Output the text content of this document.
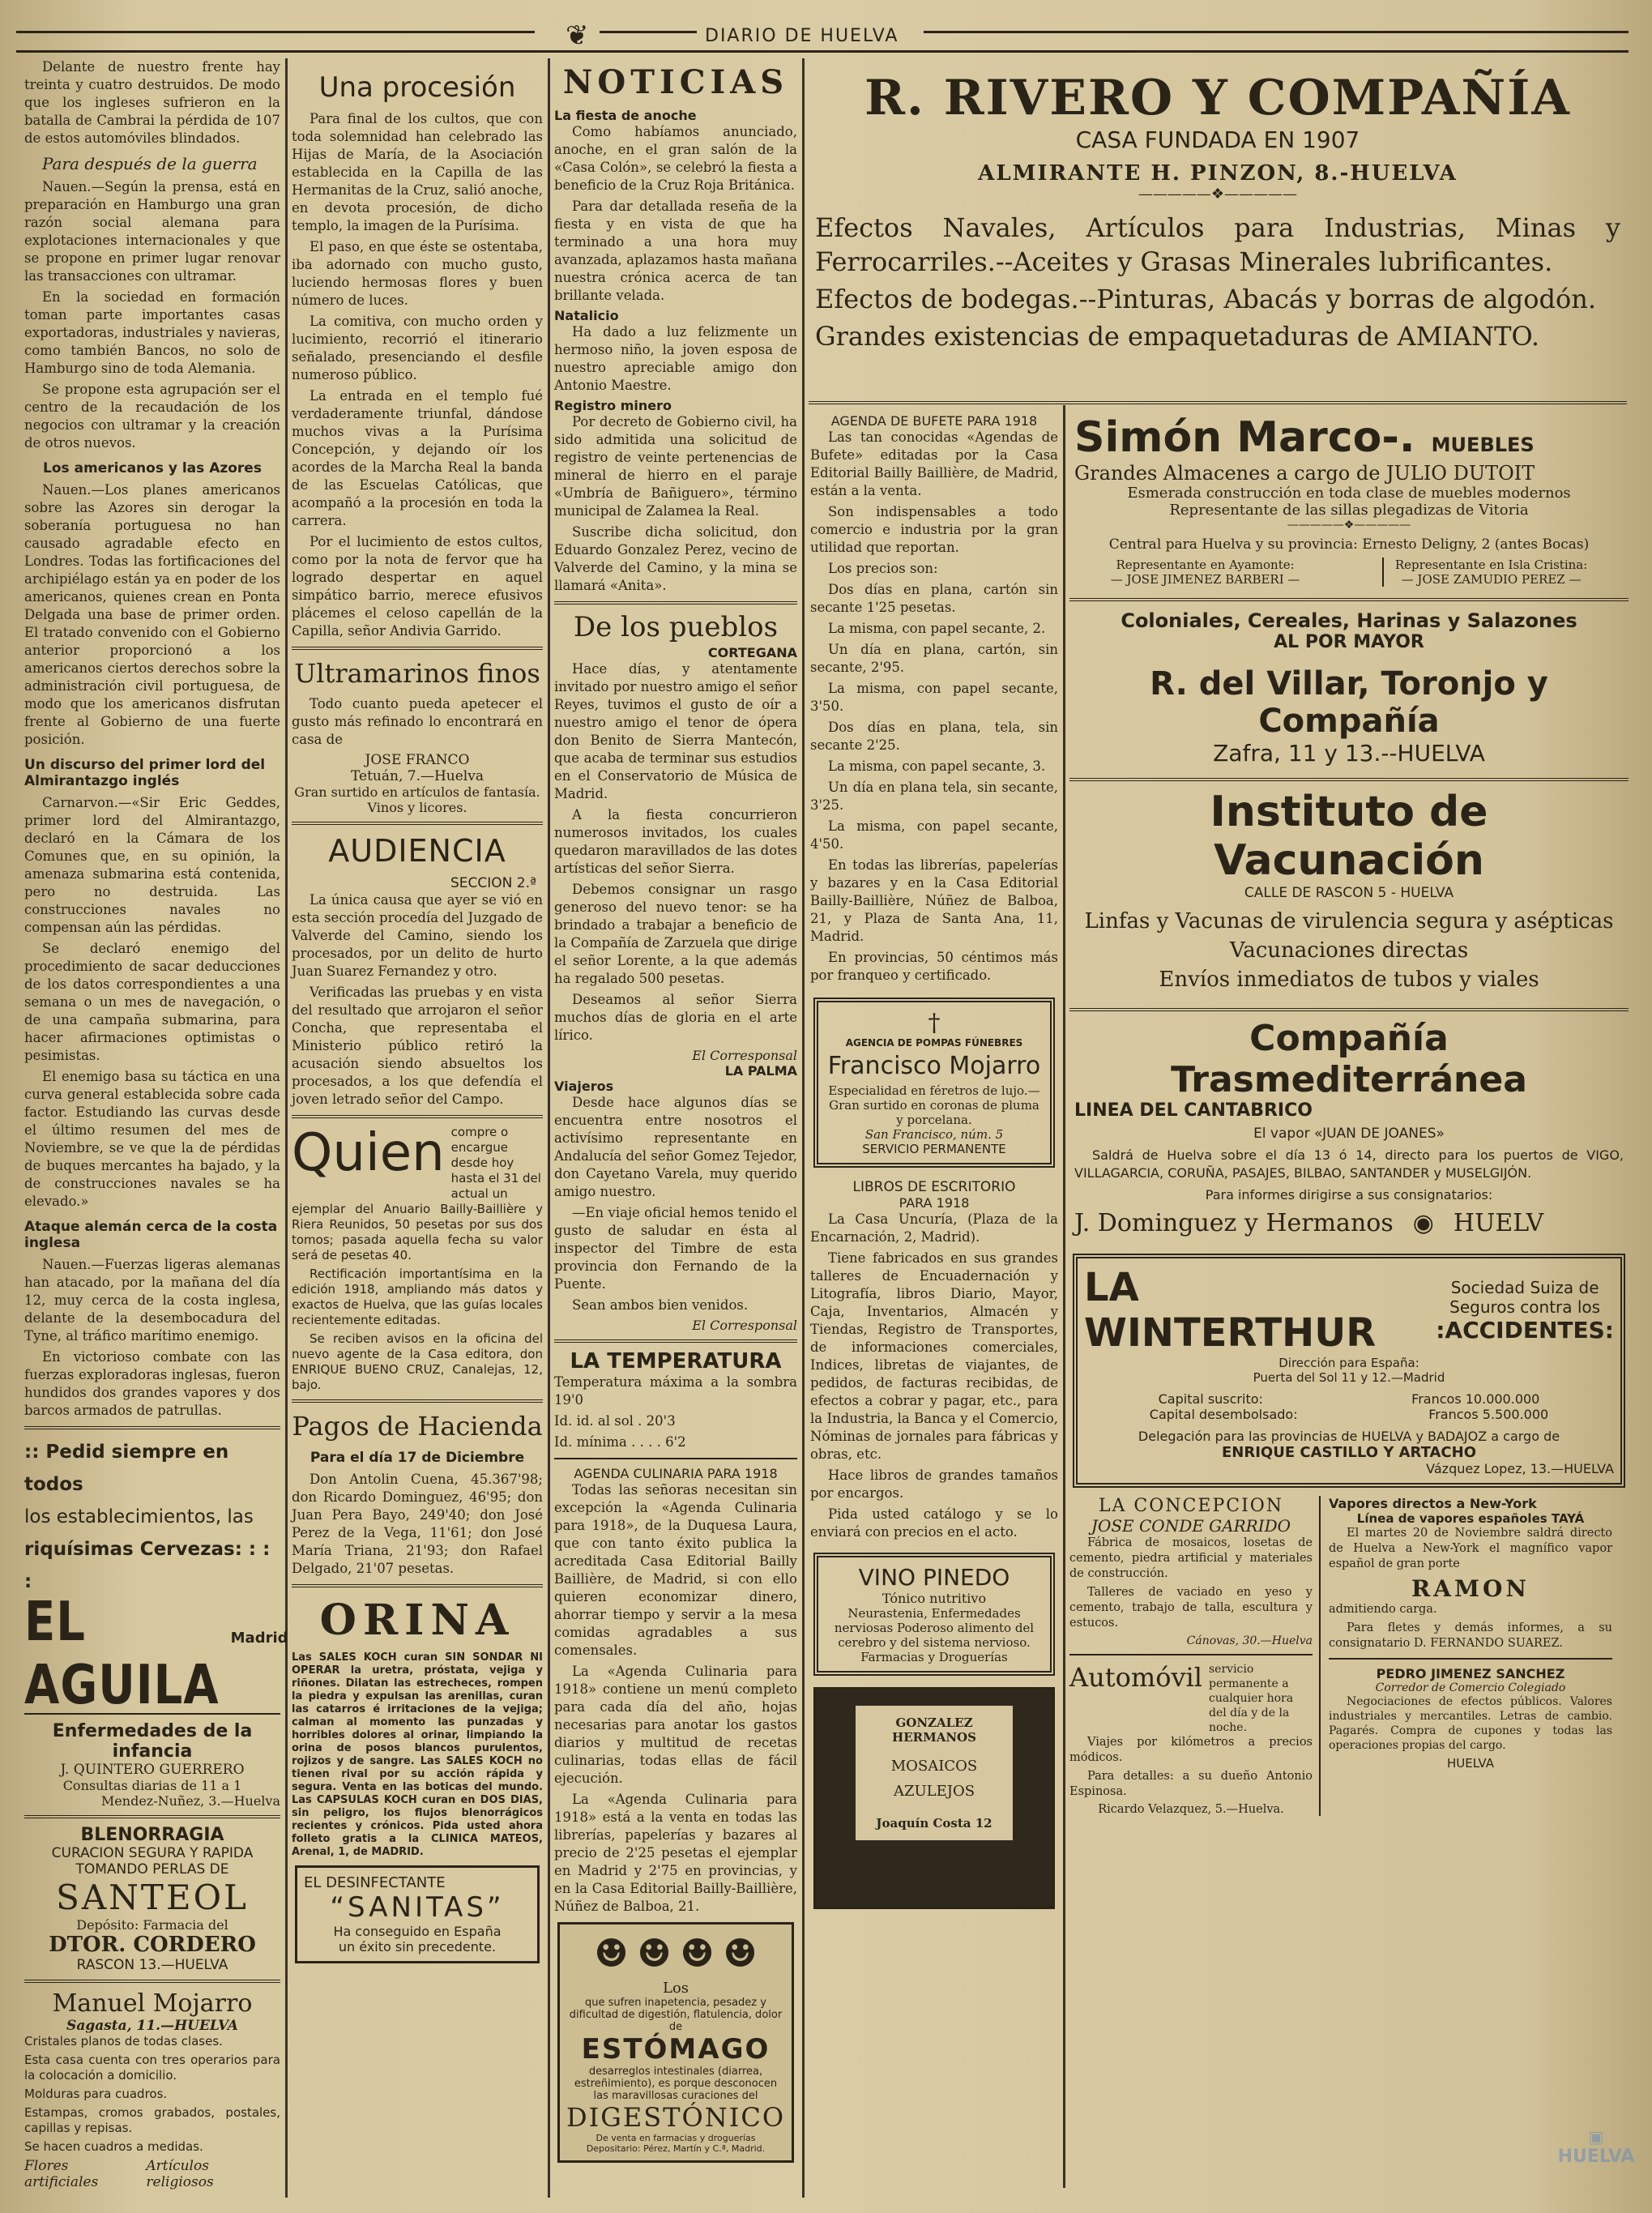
❦	DIARIO DE HUELVA

Delante de nuestro frente hay treinta y cuatro destruidos. De modo que los ingleses sufrieron en la batalla de Cambrai la pérdida de 107 de estos automóviles blindados.

Para después de la guerra

Nauen.—Según la prensa, está en preparación en Hamburgo una gran razón social alemana para explotaciones internacionales y que se propone en primer lugar renovar las transacciones con ultramar.

En la sociedad en formación toman parte importantes casas exportadoras, industriales y navieras, como también Bancos, no solo de Hamburgo sino de toda Alemania.

Se propone esta agrupación ser el centro de la recaudación de los negocios con ultramar y la creación de otros nuevos.

Los americanos y las Azores

Nauen.—Los planes americanos sobre las Azores sin derogar la soberanía portuguesa no han causado agradable efecto en Londres. Todas las fortificaciones del archipiélago están ya en poder de los americanos, quienes crean en Ponta Delgada una base de primer orden. El tratado convenido con el Gobierno anterior proporcionó a los americanos ciertos derechos sobre la administración civil portuguesa, de modo que los americanos disfrutan frente al Gobierno de una fuerte posición.

Un discurso del primer lord del Almirantazgo inglés

Carnarvon.—«Sir Eric Geddes, primer lord del Almirantazgo, declaró en la Cámara de los Comunes que, en su opinión, la amenaza submarina está contenida, pero no destruida. Las construcciones navales no compensan aún las pérdidas.

Se declaró enemigo del procedimiento de sacar deducciones de los datos correspondientes a una semana o un mes de navegación, o de una campaña submarina, para hacer afirmaciones optimistas o pesimistas.

El enemigo basa su táctica en una curva general establecida sobre cada factor. Estudiando las curvas desde el último resumen del mes de Noviembre, se ve que la de pérdidas de buques mercantes ha bajado, y la de construcciones navales se ha elevado.»

Ataque alemán cerca de la costa inglesa

Nauen.—Fuerzas ligeras alemanas han atacado, por la mañana del día 12, muy cerca de la costa inglesa, delante de la desembocadura del Tyne, al tráfico marítimo enemigo.

En victorioso combate con las fuerzas exploradoras inglesas, fueron hundidos dos grandes vapores y dos barcos armados de patrullas.

:: Pedid siempre en todos
los establecimientos, las
riquísimas Cervezas: : : :
EL AGUILA
Madrid
Enfermedades de la infancia
J. QUINTERO GUERRERO
Consultas diarias de 11 a 1
Mendez-Nuñez, 3.—Huelva
BLENORRAGIA
CURACION SEGURA Y RAPIDA
TOMANDO PERLAS DE
SANTEOL
Depósito: Farmacia del
DTOR. CORDERO
RASCON 13.—HUELVA
Manuel Mojarro
Sagasta, 11.—HUELVA

Cristales planos de todas clases.

Esta casa cuenta con tres operarios para la colocación a domicilio.

Molduras para cuadros.

Estampas, cromos grabados, postales, capillas y repisas.

Se hacen cuadros a medidas.

Flores artificiales
Artículos religiosos
Una procesión

Para final de los cultos, que con toda solemnidad han celebrado las Hijas de María, de la Asociación establecida en la Capilla de las Hermanitas de la Cruz, salió anoche, en devota procesión, de dicho templo, la imagen de la Purísima.

El paso, en que éste se ostentaba, iba adornado con mucho gusto, luciendo hermosas flores y buen número de luces.

La comitiva, con mucho orden y lucimiento, recorrió el itinerario señalado, presenciando el desfile numeroso público.

La entrada en el templo fué verdaderamente triunfal, dándose muchos vivas a la Purísima Concepción, y dejando oír los acordes de la Marcha Real la banda de las Escuelas Católicas, que acompañó a la procesión en toda la carrera.

Por el lucimiento de estos cultos, como por la nota de fervor que ha logrado despertar en aquel simpático barrio, merece efusivos plácemes el celoso capellán de la Capilla, señor Andivia Garrido.

Ultramarinos finos

Todo cuanto pueda apetecer el gusto más refinado lo encontrará en casa de

JOSE FRANCO
Tetuán, 7.—Huelva
Gran surtido en artículos de fantasía.
Vinos y licores.
AUDIENCIA
SECCION 2.ª

La única causa que ayer se vió en esta sección procedía del Juzgado de Valverde del Camino, siendo los procesados, por un delito de hurto Juan Suarez Fernandez y otro.

Verificadas las pruebas y en vista del resultado que arrojaron el señor Concha, que representaba el Ministerio público retiró la acusación siendo absueltos los procesados, a los que defendía el joven letrado señor del Campo.

Quien compre o encargue desde hoy hasta el 31 del actual un

ejemplar del Anuario Bailly-Baillière y Riera Reunidos, 50 pesetas por sus dos tomos; pasada aquella fecha su valor será de pesetas 40.

Rectificación importantísima en la edición 1918, ampliando más datos y exactos de Huelva, que las guías locales recientemente editadas.

Se reciben avisos en la oficina del nuevo agente de la Casa editora, don ENRIQUE BUENO CRUZ, Canalejas, 12, bajo.

Pagos de Hacienda
Para el día 17 de Diciembre

Don Antolin Cuena, 45.367'98; don Ricardo Dominguez, 46'95; don Juan Pera Bayo, 249'40; don José Perez de la Vega, 11'61; don José María Triana, 21'93; don Rafael Delgado, 21'07 pesetas.

ORINA

Las SALES KOCH curan SIN SONDAR NI OPERAR la uretra, próstata, vejiga y riñones. Dilatan las estrecheces, rompen la piedra y expulsan las arenillas, curan las catarros é irritaciones de la vejiga; calman al momento las punzadas y horribles dolores al orinar, limpiando la orina de posos blancos purulentos, rojizos y de sangre. Las SALES KOCH no tienen rival por su acción rápida y segura. Venta en las boticas del mundo. Las CAPSULAS KOCH curan en DOS DIAS, sin peligro, los flujos blenorrágicos recientes y crónicos. Pida usted ahora folleto gratis a la CLINICA MATEOS, Arenal, 1, de MADRID.

EL DESINFECTANTE
“SANITAS”
Ha conseguido en España
un éxito sin precedente.
NOTICIAS
La fiesta de anoche

Como habíamos anunciado, anoche, en el gran salón de la «Casa Colón», se celebró la fiesta a beneficio de la Cruz Roja Británica.

Para dar detallada reseña de la fiesta y en vista de que ha terminado a una hora muy avanzada, aplazamos hasta mañana nuestra crónica acerca de tan brillante velada.

Natalicio

Ha dado a luz felizmente un hermoso niño, la joven esposa de nuestro apreciable amigo don Antonio Maestre.

Registro minero

Por decreto de Gobierno civil, ha sido admitida una solicitud de registro de veinte pertenencias de mineral de hierro en el paraje «Umbría de Bañiguero», término municipal de Zalamea la Real.

Suscribe dicha solicitud, don Eduardo Gonzalez Perez, vecino de Valverde del Camino, y la mina se llamará «Anita».

De los pueblos
CORTEGANA

Hace días, y atentamente invitado por nuestro amigo el señor Reyes, tuvimos el gusto de oír a nuestro amigo el tenor de ópera don Benito de Sierra Mantecón, que acaba de terminar sus estudios en el Conservatorio de Música de Madrid.

A la fiesta concurrieron numerosos invitados, los cuales quedaron maravillados de las dotes artísticas del señor Sierra.

Debemos consignar un rasgo generoso del nuevo tenor: se ha brindado a trabajar a beneficio de la Compañía de Zarzuela que dirige el señor Lorente, a la que además ha regalado 500 pesetas.

Deseamos al señor Sierra muchos días de gloria en el arte lírico.

El Corresponsal
LA PALMA
Viajeros

Desde hace algunos días se encuentra entre nosotros el activísimo representante en Andalucía del señor Gomez Tejedor, don Cayetano Varela, muy querido amigo nuestro.

—En viaje oficial hemos tenido el gusto de saludar en ésta al inspector del Timbre de esta provincia don Fernando de la Puente.

Sean ambos bien venidos.

El Corresponsal
LA TEMPERATURA

Temperatura máxima a la sombra 19'0

Id. id. al sol . 20'3

Id. mínima . . . . 6'2

AGENDA CULINARIA PARA 1918

Todas las señoras necesitan sin excepción la «Agenda Culinaria para 1918», de la Duquesa Laura, que con tanto éxito publica la acreditada Casa Editorial Bailly Baillière, de Madrid, si con ello quieren economizar dinero, ahorrar tiempo y servir a la mesa comidas agradables a sus comensales.

La «Agenda Culinaria para 1918» contiene un menú completo para cada día del año, hojas necesarias para anotar los gastos diarios y multitud de recetas culinarias, todas ellas de fácil ejecución.

La «Agenda Culinaria para 1918» está a la venta en todas las librerías, papelerías y bazares al precio de 2'25 pesetas el ejemplar en Madrid y 2'75 en provincias, y en la Casa Editorial Bailly-Baillière, Núñez de Balboa, 21.

☻ ☻ ☻ ☻
Los
que sufren inapetencia, pesadez y dificultad de digestión, flatulencia, dolor de
ESTÓMAGO
desarreglos intestinales (diarrea, estreñimiento), es porque desconocen las maravillosas curaciones del
DIGESTÓNICO
De venta en farmacias y droguerías
Depositario: Pérez, Martín y C.ª, Madrid.
R. RIVERO Y COMPAÑÍA
CASA FUNDADA EN 1907
ALMIRANTE H. PINZON, 8.-HUELVA
—————❖—————

Efectos Navales, Artículos para Industrias, Minas y Ferrocarriles.--Aceites y Grasas Minerales lubrificantes.

Efectos de bodegas.--Pinturas, Abacás y borras de algodón.

Grandes existencias de empaquetaduras de AMIANTO.

AGENDA DE BUFETE PARA 1918

Las tan conocidas «Agendas de Bufete» editadas por la Casa Editorial Bailly Baillière, de Madrid, están a la venta.

Son indispensables a todo comercio e industria por la gran utilidad que reportan.

Los precios son:

Dos días en plana, cartón sin secante 1'25 pesetas.

La misma, con papel secante, 2.

Un día en plana, cartón, sin secante, 2'95.

La misma, con papel secante, 3'50.

Dos días en plana, tela, sin secante 2'25.

La misma, con papel secante, 3.

Un día en plana tela, sin secante, 3'25.

La misma, con papel secante, 4'50.

En todas las librerías, papelerías y bazares y en la Casa Editorial Bailly-Baillière, Núñez de Balboa, 21, y Plaza de Santa Ana, 11, Madrid.

En provincias, 50 céntimos más por franqueo y certificado.

†
AGENCIA DE POMPAS FÚNEBRES
Francisco Mojarro
Especialidad en féretros de lujo.—Gran surtido en coronas de pluma y porcelana.
San Francisco, núm. 5
SERVICIO PERMANENTE
LIBROS DE ESCRITORIO
PARA 1918

La Casa Uncuría, (Plaza de la Encarnación, 2, Madrid).

Tiene fabricados en sus grandes talleres de Encuadernación y Litografía, libros Diario, Mayor, Caja, Inventarios, Almacén y Tiendas, Registro de Transportes, de informaciones comerciales, Indices, libretas de viajantes, de pedidos, de facturas recibidas, de efectos a cobrar y pagar, etc., para la Industria, la Banca y el Comercio, Nóminas de jornales para fábricas y obras, etc.

Hace libros de grandes tamaños por encargos.

Pida usted catálogo y se lo enviará con precios en el acto.

VINO PINEDO
Tónico nutritivo
Neurastenia, Enfermedades nerviosas Poderoso alimento del cerebro y del sistema nervioso.
Farmacias y Droguerías
GONZALEZ HERMANOS
MOSAICOS
AZULEJOS
Joaquín Costa 12
Simón Marco-. MUEBLES
Grandes Almacenes a cargo de JULIO DUTOIT
Esmerada construcción en toda clase de muebles modernos
Representante de las sillas plegadizas de Vitoria
—————❖—————
Central para Huelva y su provincia: Ernesto Deligny, 2 (antes Bocas)
Representante en Ayamonte:
— JOSE JIMENEZ BARBERI —
Representante en Isla Cristina:
— JOSE ZAMUDIO PEREZ —
Coloniales, Cereales, Harinas y Salazones
AL POR MAYOR
R. del Villar, Toronjo y Compañía
Zafra, 11 y 13.--HUELVA
Instituto de Vacunación
CALLE DE RASCON 5 - HUELVA
Linfas y Vacunas de virulencia segura y asépticas
Vacunaciones directas
Envíos inmediatos de tubos y viales
Compañía Trasmediterránea
LINEA DEL CANTABRICO
El vapor «JUAN DE JOANES»

Saldrá de Huelva sobre el día 13 ó 14, directo para los puertos de VIGO, VILLAGARCIA, CORUÑA, PASAJES, BILBAO, SANTANDER y MUSELGIJÓN.

Para informes dirigirse a sus consignatarios:
J. Dominguez y Hermanos ◉ HUELV
LA WINTERTHUR
Sociedad Suiza de
Seguros contra los
:ACCIDENTES:
Dirección para España:
Puerta del Sol 11 y 12.—Madrid
Capital suscrito:	Francos 10.000.000
Capital desembolsado:	Francos 5.500.000
Delegación para las provincias de HUELVA y BADAJOZ a cargo de
ENRIQUE CASTILLO Y ARTACHO
Vázquez Lopez, 13.—HUELVA
LA CONCEPCION
JOSE CONDE GARRIDO

Fábrica de mosaicos, losetas de cemento, piedra artificial y materiales de construcción.

Talleres de vaciado en yeso y cemento, trabajo de talla, escultura y estucos.

Cánovas, 30.—Huelva
Automóvil servicio permanente a cualquier hora del día y de la noche.

Viajes por kilómetros a precios módicos.

Para detalles: a su dueño Antonio Espinosa.

Ricardo Velazquez, 5.—Huelva.
Vapores directos a New-York
Línea de vapores españoles TAYÁ

El martes 20 de Noviembre saldrá directo de Huelva a New-York el magnífico vapor español de gran porte

RAMON

admitiendo carga.

Para fletes y demás informes, a su consignatario D. FERNANDO SUAREZ.

PEDRO JIMENEZ SANCHEZ
Corredor de Comercio Colegiado

Negociaciones de efectos públicos. Valores industriales y mercantiles. Letras de cambio. Pagarés. Compra de cupones y todas las operaciones propias del cargo.

HUELVA
▣
HUELVA
